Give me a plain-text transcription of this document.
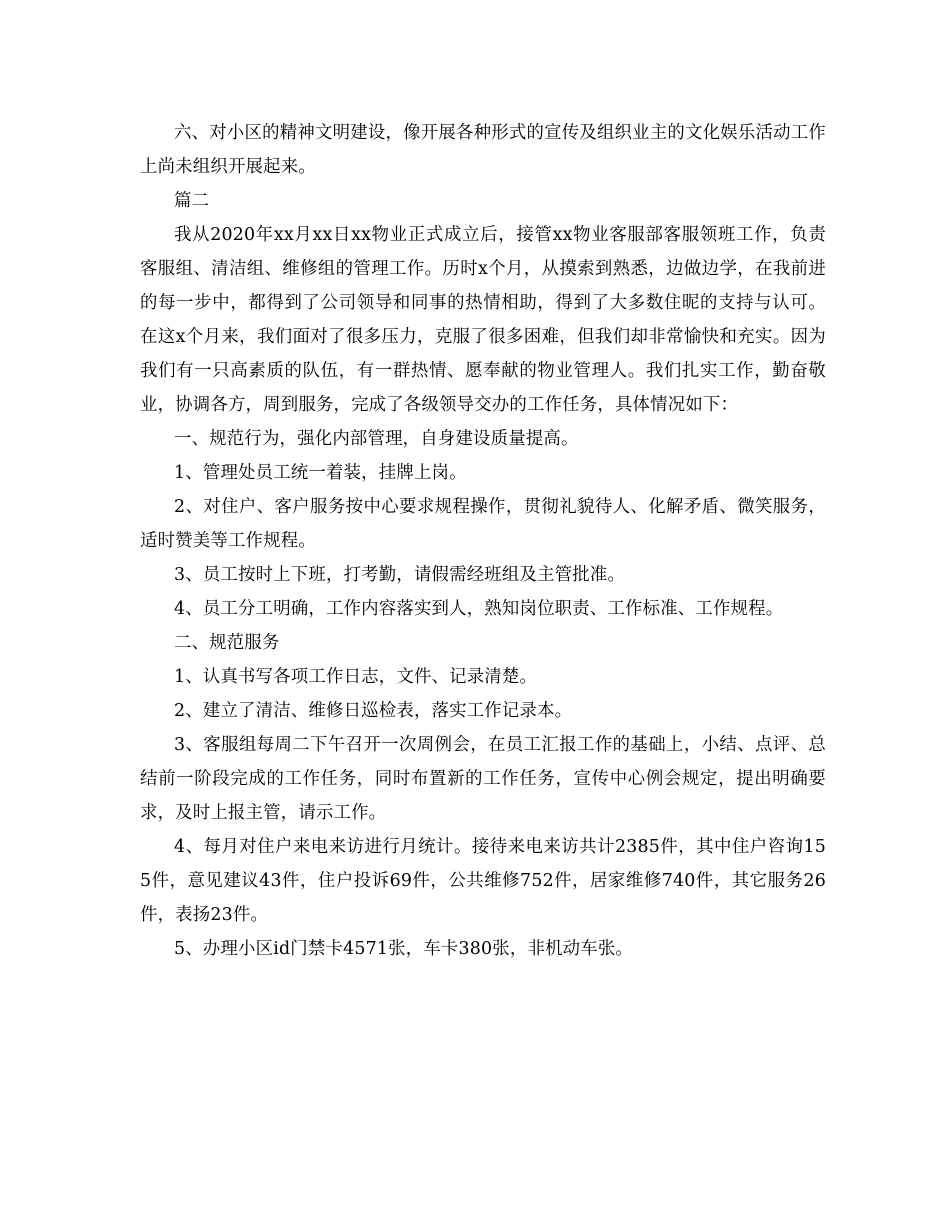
六、对小区的精神文明建设，像开展各种形式的宣传及组织业主的文化娱乐活动工作上尚未组织开展起来。

篇二

我从2020年xx月xx日xx物业正式成立后，接管xx物业客服部客服领班工作，负责客服组、清洁组、维修组的管理工作。历时x个月，从摸索到熟悉，边做边学，在我前进的每一步中，都得到了公司领导和同事的热情相助，得到了大多数住昵的支持与认可。在这x个月来，我们面对了很多压力，克服了很多困难，但我们却非常愉快和充实。因为我们有一只高素质的队伍，有一群热情、愿奉献的物业管理人。我们扎实工作，勤奋敬业，协调各方，周到服务，完成了各级领导交办的工作任务，具体情况如下：

一、规范行为，强化内部管理，自身建设质量提高。

1、管理处员工统一着装，挂牌上岗。

2、对住户、客户服务按中心要求规程操作，贯彻礼貌待人、化解矛盾、微笑服务，适时赞美等工作规程。

3、员工按时上下班，打考勤，请假需经班组及主管批准。

4、员工分工明确，工作内容落实到人，熟知岗位职责、工作标准、工作规程。

二、规范服务

1、认真书写各项工作日志，文件、记录清楚。

2、建立了清洁、维修日巡检表，落实工作记录本。

3、客服组每周二下午召开一次周例会，在员工汇报工作的基础上，小结、点评、总结前一阶段完成的工作任务，同时布置新的工作任务，宣传中心例会规定，提出明确要求，及时上报主管，请示工作。

4、每月对住户来电来访进行月统计。接待来电来访共计2385件，其中住户咨询155件，意见建议43件，住户投诉69件，公共维修752件，居家维修740件，其它服务26件，表扬23件。

5、办理小区id门禁卡4571张，车卡380张，非机动车张。
